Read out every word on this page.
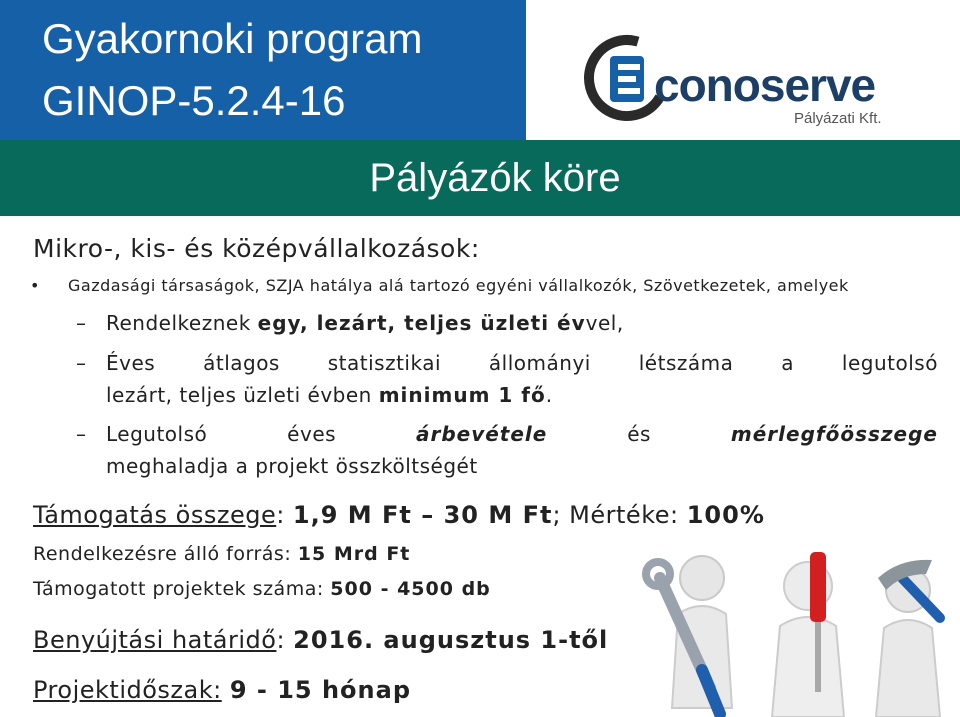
Gyakornoki program
GINOP-5.2.4-16	conoserve
Pályázati Kft.
Pályázók köre
Mikro-, kis- és középvállalkozások:
• Gazdasági társaságok, SZJA hatálya alá tartozó egyéni vállalkozók, Szövetkezetek, amelyek
– Rendelkeznek egy, lezárt, teljes üzleti évvel,
– Éves átlagos statisztikai állományi létszáma a legutolsó
lezárt, teljes üzleti évben minimum 1 fő.
– Legutolsó	éves	árbevétele	és	mérlegfőösszege
meghaladja a projekt összköltségét
Támogatás összege: 1,9 M Ft – 30 M Ft; Mértéke: 100%
Rendelkezésre álló forrás: 15 Mrd Ft
Támogatott projektek száma: 500 - 4500 db
Benyújtási határidő: 2016. augusztus 1-től
Projektidőszak: 9 - 15 hónap
